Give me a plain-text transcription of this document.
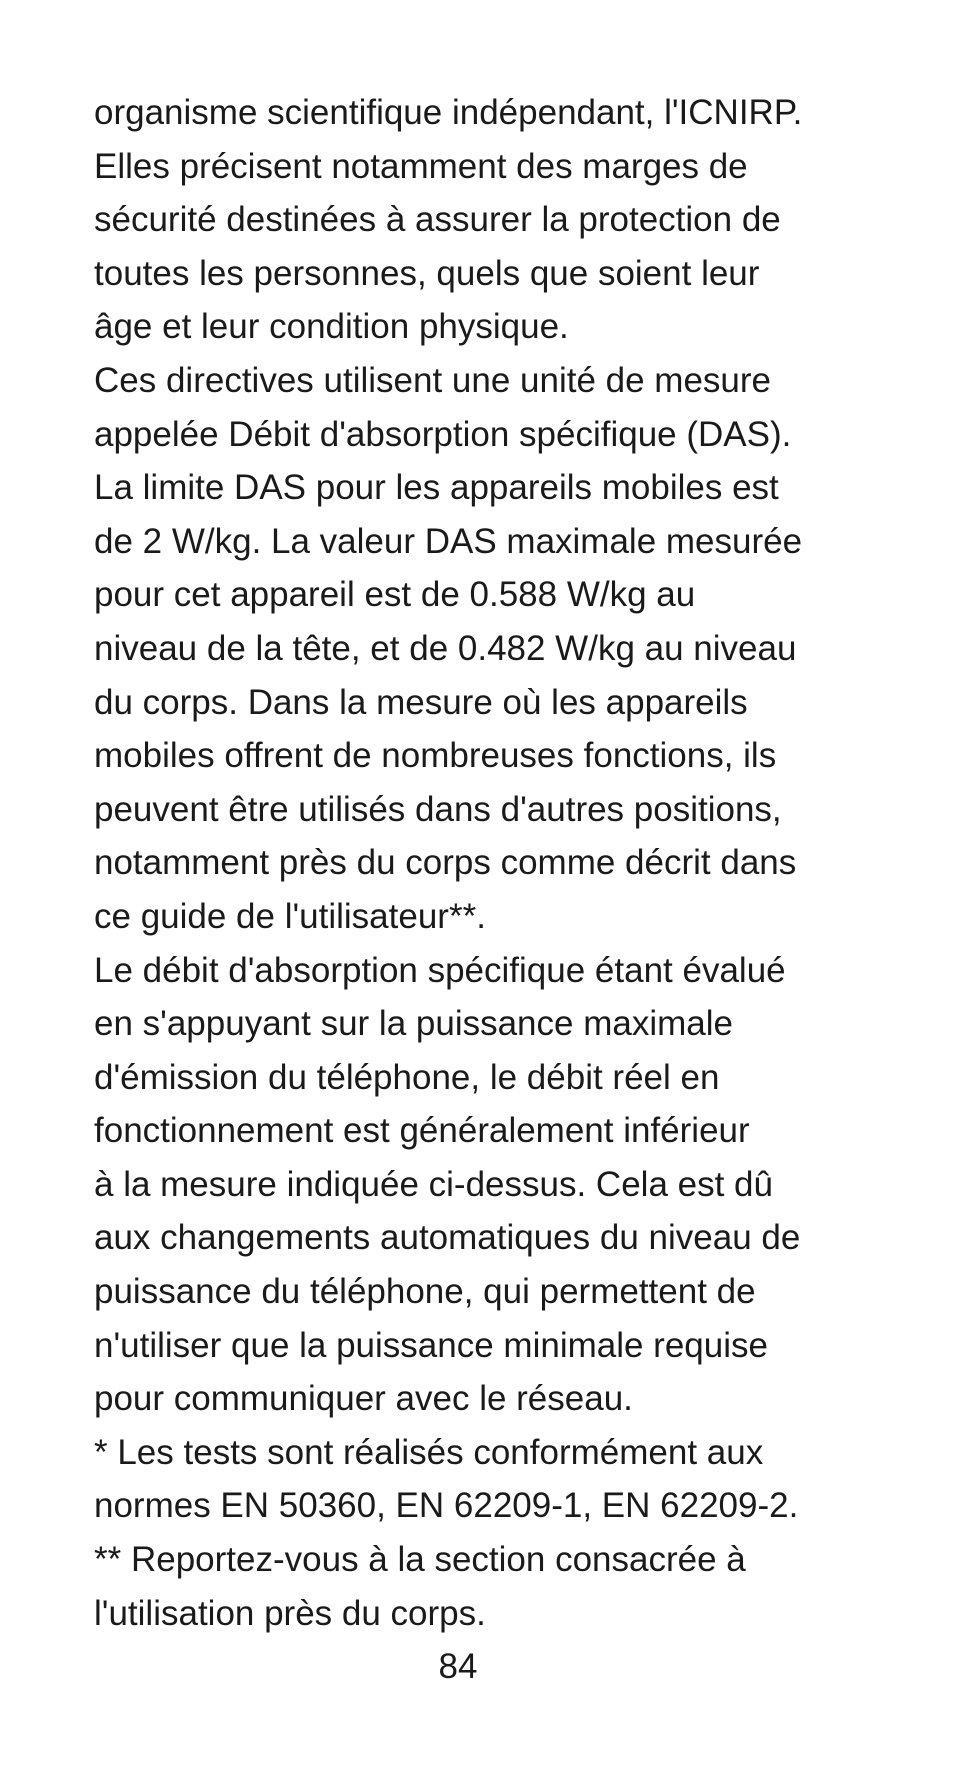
organisme scientifique indépendant, l'ICNIRP.
Elles précisent notamment des marges de
sécurité destinées à assurer la protection de
toutes les personnes, quels que soient leur
âge et leur condition physique.
Ces directives utilisent une unité de mesure
appelée Débit d'absorption spécifique (DAS).
La limite DAS pour les appareils mobiles est
de 2 W/kg. La valeur DAS maximale mesurée
pour cet appareil est de 0.588 W/kg au
niveau de la tête, et de 0.482 W/kg au niveau
du corps. Dans la mesure où les appareils
mobiles offrent de nombreuses fonctions, ils
peuvent être utilisés dans d'autres positions,
notamment près du corps comme décrit dans
ce guide de l'utilisateur**.
Le débit d'absorption spécifique étant évalué
en s'appuyant sur la puissance maximale
d'émission du téléphone, le débit réel en
fonctionnement est généralement inférieur
à la mesure indiquée ci-dessus. Cela est dû
aux changements automatiques du niveau de
puissance du téléphone, qui permettent de
n'utiliser que la puissance minimale requise
pour communiquer avec le réseau.
* Les tests sont réalisés conformément aux
normes EN 50360, EN 62209-1, EN 62209-2.
** Reportez-vous à la section consacrée à
l'utilisation près du corps.
84
